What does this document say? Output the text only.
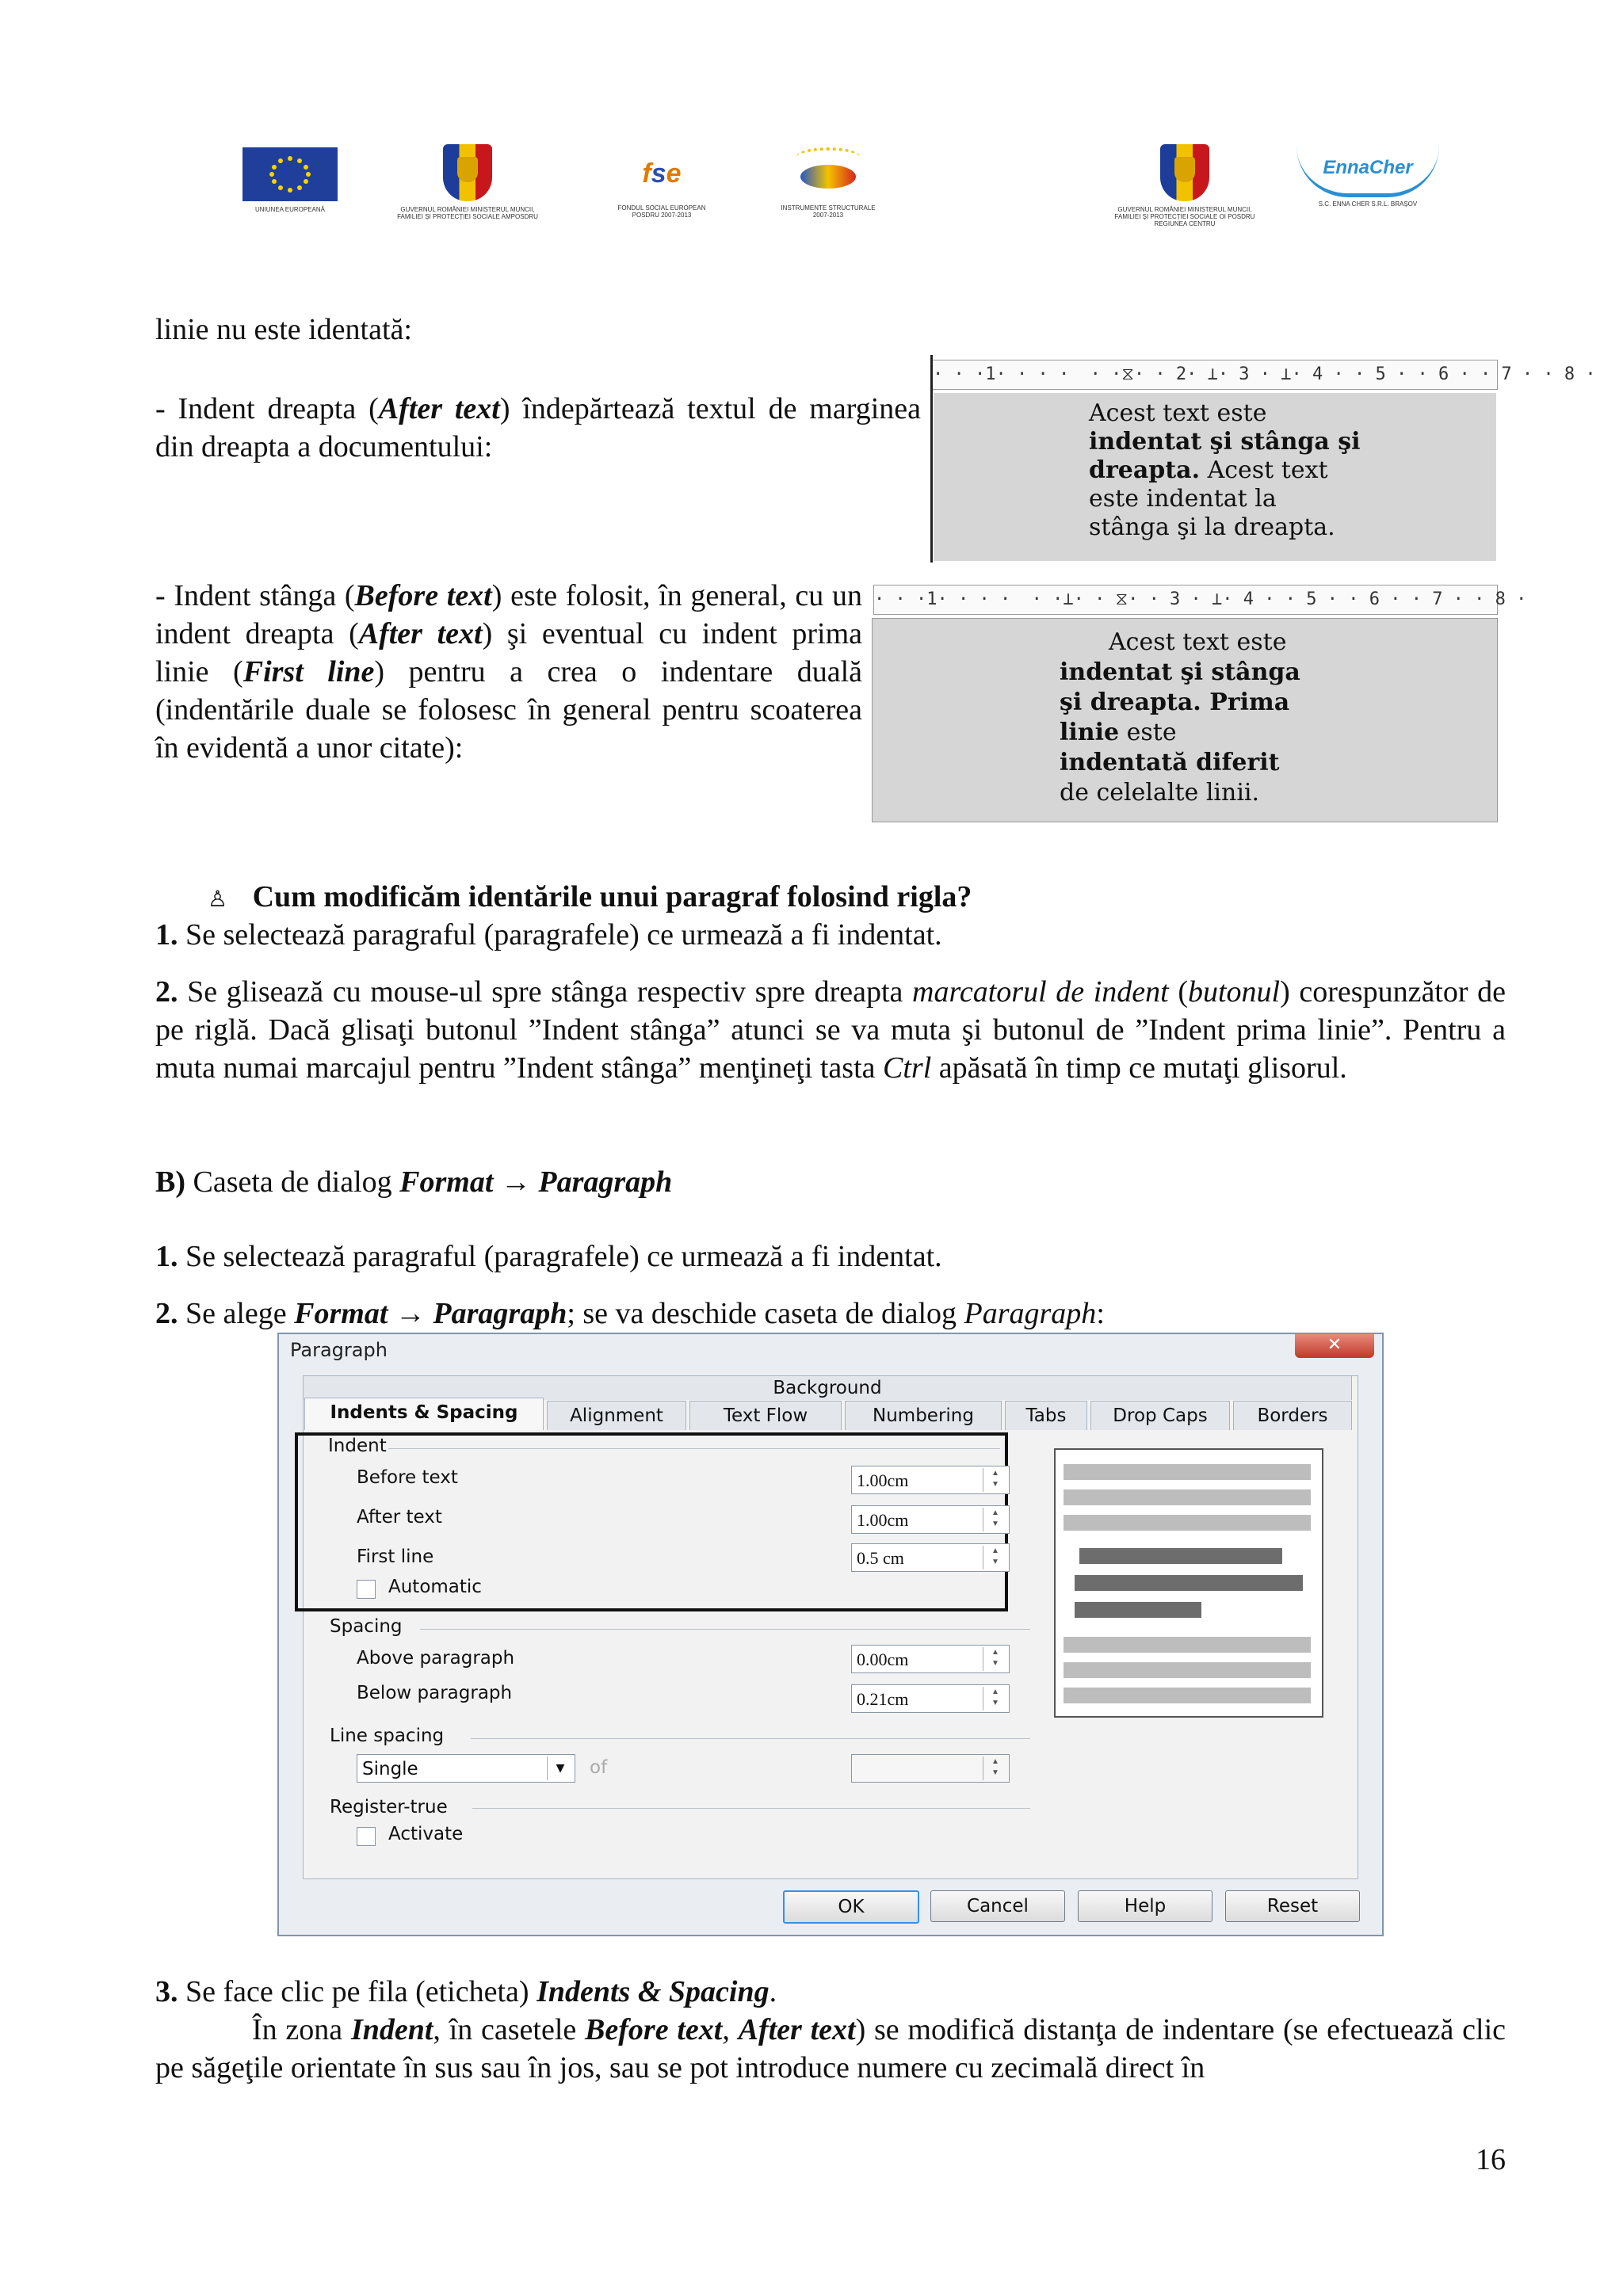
UNIUNEA EUROPEANĂ	GUVERNUL ROMÂNIEI MINISTERUL MUNCII, FAMILIEI ȘI PROTECȚIEI SOCIALE AMPOSDRU
fse
FONDUL SOCIAL EUROPEAN POSDRU 2007-2013
INSTRUMENTE STRUCTURALE 2007-2013
GUVERNUL ROMÂNIEI MINISTERUL MUNCII, FAMILIEI ȘI PROTECȚIEI SOCIALE OI POSDRU REGIUNEA CENTRU
EnnaCher
S.C. ENNA CHER S.R.L. BRAȘOV
linie nu este identată:
- Indent dreapta (After text) îndepărtează textul de marginea din dreapta a documentului:
· · ·1· · · ·  · ·⧖· · 2· ⊥· 3 · ⊥· 4 · · 5 · · 6 · · 7 · · 8 ·
Acest text este
indentat şi stânga şi
dreapta. Acest text
este indentat la
stânga şi la dreapta.
- Indent stânga (Before text) este folosit, în general, cu un indent dreapta (After text) şi eventual cu indent prima linie (First line) pentru a crea o indentare duală (indentările duale se folosesc în general pentru scoaterea în evidentă a unor citate):
· · ·1· · · ·  · ·⊥· · ⧖· · 3 · ⊥· 4 · · 5 · · 6 · · 7 · · 8 ·
Acest text este
indentat şi stânga
şi dreapta. Prima
linie este
indentată diferit
de celelalte linii.
♙ Cum modificăm identările unui paragraf folosind rigla?
1. Se selectează paragraful (paragrafele) ce urmează a fi indentat.
2. Se glisează cu mouse-ul spre stânga respectiv spre dreapta marcatorul de indent (butonul) corespunzător de pe riglă. Dacă glisaţi butonul ”Indent stânga” atunci se va muta şi butonul de ”Indent prima linie”. Pentru a muta numai marcajul pentru ”Indent stânga” menţineţi tasta Ctrl apăsată în timp ce mutaţi glisorul.
B) Caseta de dialog Format → Paragraph
1. Se selectează paragraful (paragrafele) ce urmează a fi indentat.
2. Se alege Format → Paragraph; se va deschide caseta de dialog Paragraph:
Paragraph	✕
Background
Indents & Spacing	Alignment	Text Flow	Numbering	Tabs	Drop Caps	Borders
Indent
Before text	1.00cm	▲
▼
After text	1.00cm	▲
▼
First line	0.5 cm	▲
▼
Automatic
Spacing
Above paragraph	0.00cm	▲
▼
Below paragraph	0.21cm	▲
▼
Line spacing
Single	▼	of	▲
▼
Register-true
Activate
OK	Cancel	Help	Reset
3. Se face clic pe fila (eticheta) Indents & Spacing.
În zona Indent, în casetele Before text, After text) se modifică distanţa de indentare (se efectuează clic pe săgeţile orientate în sus sau în jos, sau se pot introduce numere cu zecimală direct în
16
